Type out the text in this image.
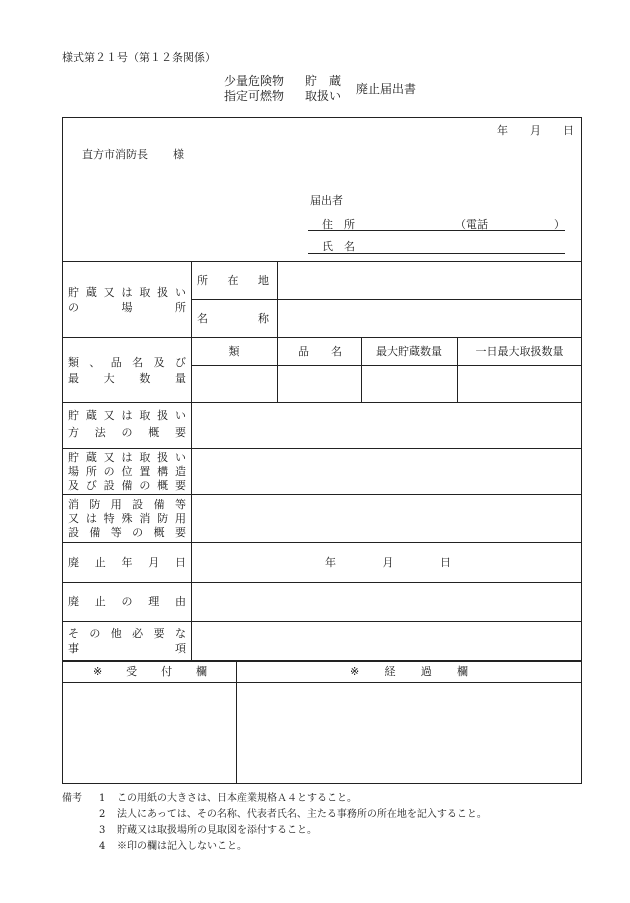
様式第２１号（第１２条関係）
少量危険物 貯　蔵
指定可燃物 取扱い 廃止届出書
年 月 日
直方市消防長 様
届出者
住　所	（電話	）
氏　名
貯 蔵 又 は 取 扱 い
の	場	所
所 在 地
名	称
類 、 品 名 及 び
最 大 数 量
類	品 名	最大貯蔵数量	一日最大取扱数量
貯 蔵 又 は 取 扱 い
方 法 の 概 要
貯 蔵 又 は 取 扱 い
場 所 の 位 置 構 造
及 び 設 備 の 概 要
消 防 用 設 備 等
又 は 特 殊 消 防 用
設 備 等 の 概 要
廃 止 年 月 日	年	月	日
廃 止 の 理 由
そ の 他 必 要 な
事	項
※ 受 付 欄	※ 経 過 欄
備考 1 この用紙の大きさは、日本産業規格Ａ４とすること。
2 法人にあっては、その名称、代表者氏名、主たる事務所の所在地を記入すること。
3 貯蔵又は取扱場所の見取図を添付すること。
4 ※印の欄は記入しないこと。
